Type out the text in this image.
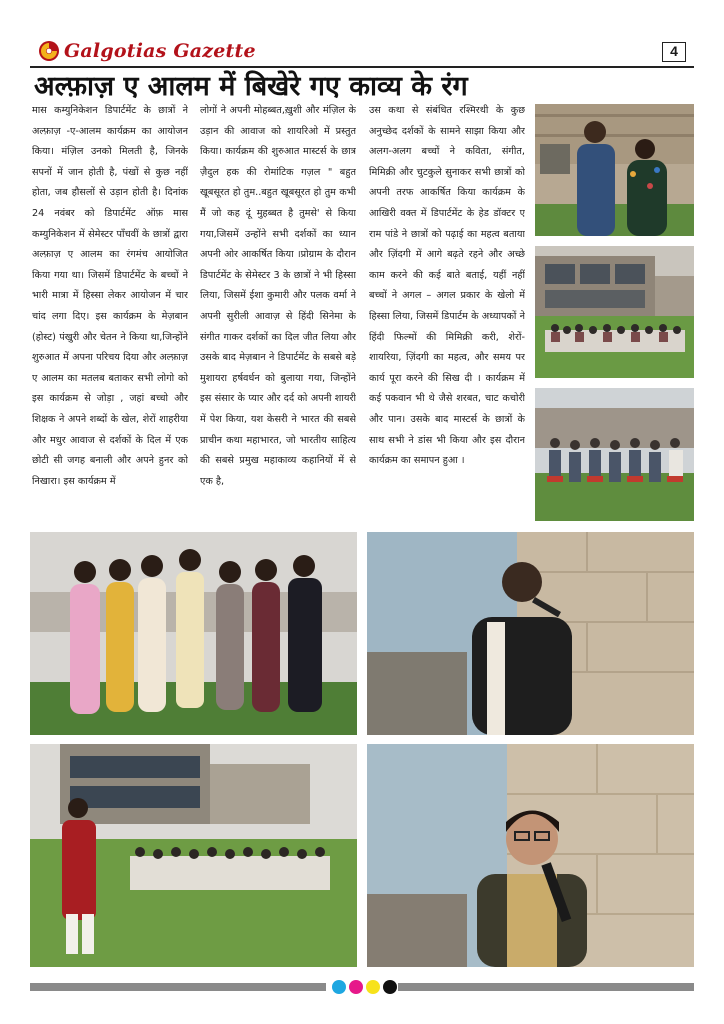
Galgotias Gazette	4
अल्फ़ाज़ ए आलम में बिखेरे गए काव्य के रंग
मास कम्युनिकेशन डिपार्टमेंट के छात्रों ने अल्फ़ाज़ -ए-आलम कार्यक्रम का आयोजन किया। मंज़िल उनको मिलती है, जिनके सपनों में जान होती है, पंखों से कुछ नहीं होता, जब हौसलों से उड़ान होती है। दिनांक 24 नवंबर को डिपार्टमेंट ऑफ़ मास कम्युनिकेशन में सेमेस्टर पाँचवीं के छात्रों द्वारा अल्फ़ाज़ ए आलम का रंगमंच आयोजित किया गया था। जिसमें डिपार्टमेंट के बच्चों ने भारी मात्रा में हिस्सा लेकर आयोजन में चार चांद लगा दिए। इस कार्यक्रम के मेज़बान (होस्ट) पंखुरी और चेतन ने किया था,जिन्होंने शुरुआत में अपना परिचय दिया और अल्फ़ाज़ ए आलम का मतलब बताकर सभी लोगो को इस कार्यक्रम से जोड़ा , जहां बच्चो और शिक्षक ने अपने शब्दों के खेल, शेरों शाहरीया और मधुर आवाज से दर्शकों के दिल में एक छोटी सी जगह बनाली और अपने हुनर को निखारा। इस कार्यक्रम में
लोगों ने अपनी मोहब्बत,ख़ुशी और मंज़िल के उड़ान की आवाज को शायरिओ में प्रस्तुत किया। कार्यक्रम की शुरुआत मास्टर्स के छात्र ज़ैदुल हक की रोमांटिक गज़ल " बहुत खूबसूरत हो तुम..बहुत खूबसूरत हो तुम कभी मैं जो कह दूं मुहब्बत है तुमसे' से किया गया,जिसमें उन्होंने सभी दर्शकों का ध्यान अपनी ओर आकर्षित किया ।प्रोग्राम के दौरान डिपार्टमेंट के सेमेस्टर 3 के छात्रों ने भी हिस्सा लिया, जिसमें ईशा कुमारी और पलक वर्मा ने अपनी सुरीली आवाज़ से हिंदी सिनेमा के संगीत गाकर दर्शकों का दिल जीत लिया और उसके बाद मेज़बान ने डिपार्टमेंट के सबसे बड़े मुशायरा हर्षवर्धन को बुलाया गया, जिन्होंने इस संसार के प्यार और दर्द को अपनी शायरी में पेश किया, यश केसरी ने भारत की सबसे प्राचीन कथा महाभारत, जो भारतीय साहित्य की सबसे प्रमुख महाकाव्य कहानियों में से एक है,
उस कथा से संबंधित रश्मिरथी के कुछ अनुच्छेद दर्शकों के सामने साझा किया और अलग-अलग बच्चों ने कविता, संगीत, मिमिक्री और चुटकुले सुनाकर सभी छात्रों को अपनी तरफ आकर्षित किया कार्यक्रम के आखिरी वक्त में डिपार्टमेंट के हेड डॉक्टर ए राम पांडे ने छात्रों को पढ़ाई का महत्व बताया और ज़िंदगी में आगे बढ़ते रहने और अच्छे काम करने की कई बाते बताई, यहीं नहीं बच्चों ने अगल – अगल प्रकार के खेलो में हिस्सा लिया, जिसमें डिपार्टम के अध्यापकों ने हिंदी फिल्मों की मिमिक्री करी, शेरों- शायरिया, ज़िंदगी का महत्व, और समय पर कार्य पूरा करने की सिख दी । कार्यक्रम में कई पकवान भी थे जैसे शरबत, चाट कचोरी और पान। उसके बाद मास्टर्स के छात्रों के साथ सभी ने डांस भी किया और इस दौरान कार्यक्रम का समापन हुआ ।
